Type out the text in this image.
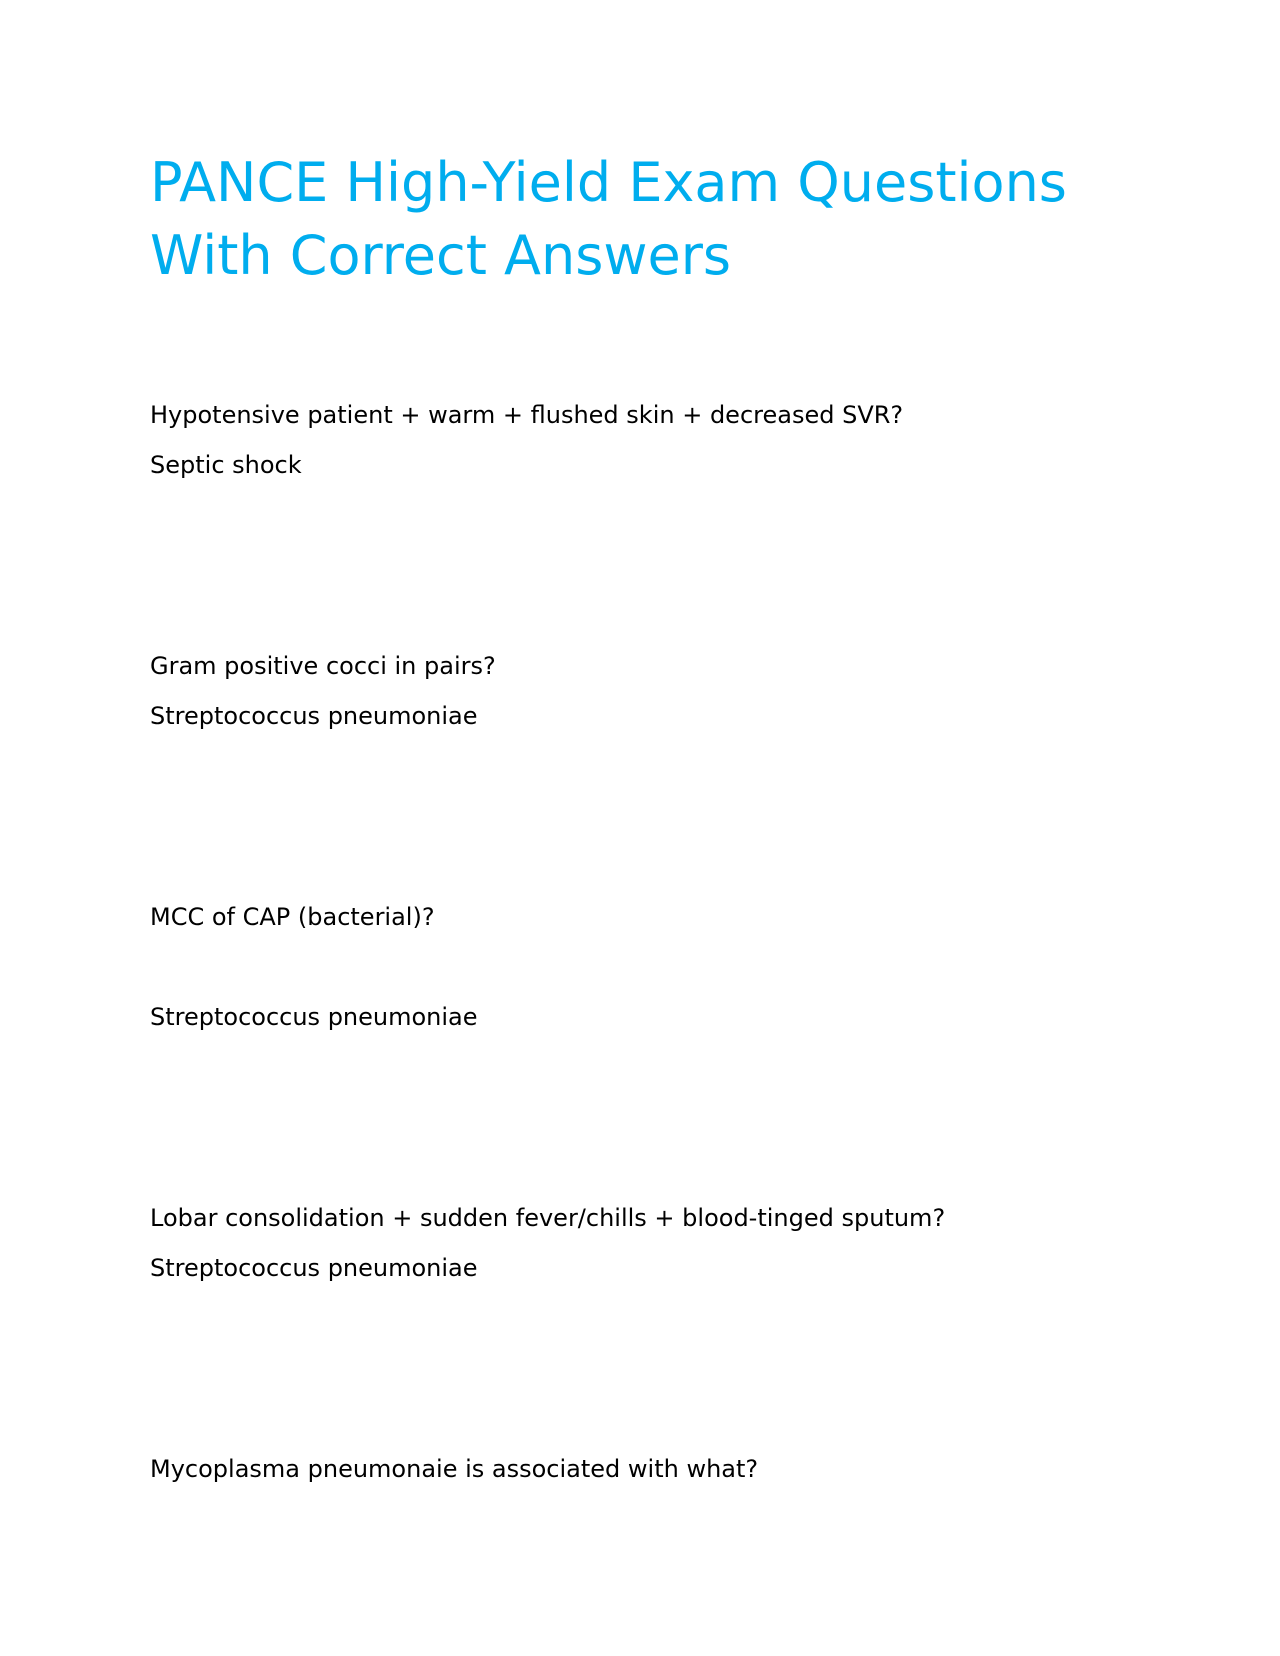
PANCE High-Yield Exam Questions With Correct Answers

Hypotensive patient + warm + flushed skin + decreased SVR?

Septic shock

Gram positive cocci in pairs?

Streptococcus pneumoniae

MCC of CAP (bacterial)?

Streptococcus pneumoniae

Lobar consolidation + sudden fever/chills + blood-tinged sputum?

Streptococcus pneumoniae

Mycoplasma pneumonaie is associated with what?
